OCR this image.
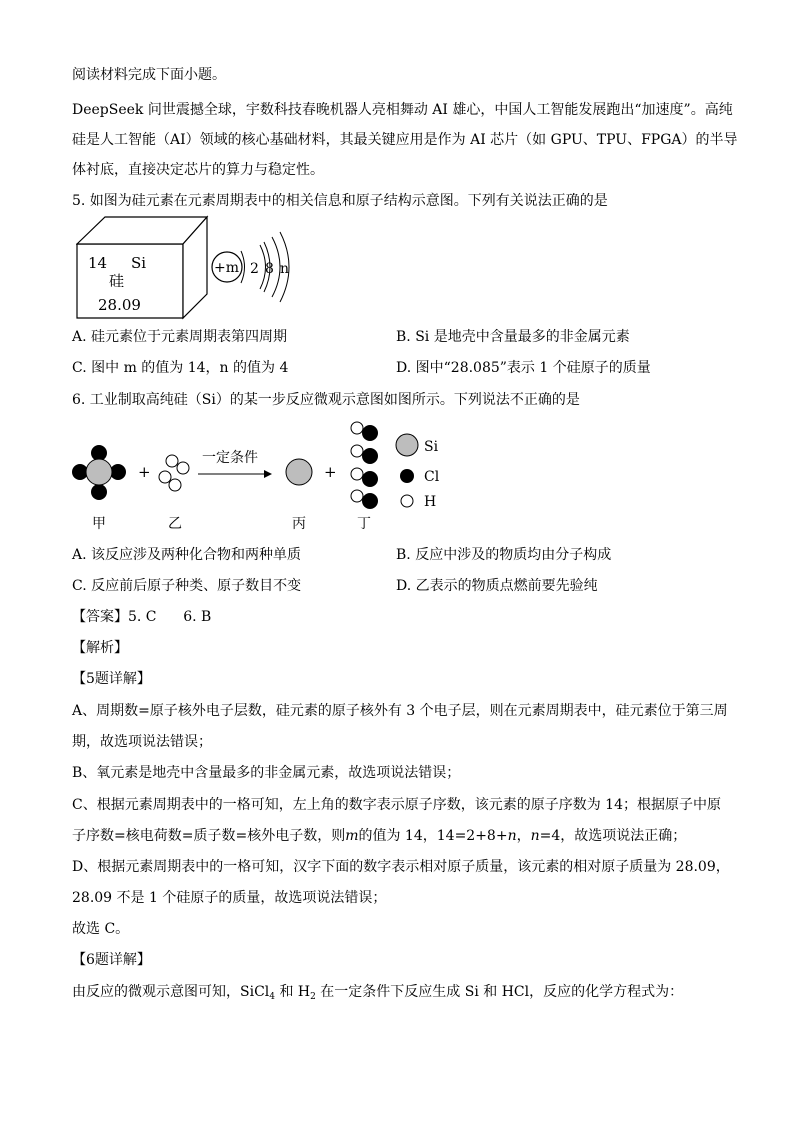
阅读材料完成下面小题。
DeepSeek 问世震撼全球，宇数科技春晚机器人亮相舞动 AI 雄心，中国人工智能发展跑出“加速度”。高纯
硅是人工智能（AI）领域的核心基础材料，其最关键应用是作为 AI 芯片（如 GPU、TPU、FPGA）的半导
体衬底，直接决定芯片的算力与稳定性。
5. 如图为硅元素在元素周期表中的相关信息和原子结构示意图。下列有关说法正确的是
14 Si
硅
28.09
+m 2 8 n
A. 硅元素位于元素周期表第四周期	B. Si 是地壳中含量最多的非金属元素
C. 图中 m 的值为 14，n 的值为 4	D. 图中“28.085”表示 1 个硅原子的质量
6. 工业制取高纯硅（Si）的某一步反应微观示意图如图所示。下列说法不正确的是
+
一定条件
+
Si
Cl
H
甲	乙	丙	丁
A. 该反应涉及两种化合物和两种单质	B. 反应中涉及的物质均由分子构成
C. 反应前后原子种类、原子数目不变	D. 乙表示的物质点燃前要先验纯
【答案】5. C      6. B
【解析】
【5题详解】
A、周期数=原子核外电子层数，硅元素的原子核外有 3 个电子层，则在元素周期表中，硅元素位于第三周
期，故选项说法错误；
B、氧元素是地壳中含量最多的非金属元素，故选项说法错误；
C、根据元素周期表中的一格可知，左上角的数字表示原子序数，该元素的原子序数为 14；根据原子中原
子序数=核电荷数=质子数=核外电子数，则m的值为 14，14=2+8+n，n=4，故选项说法正确；
D、根据元素周期表中的一格可知，汉字下面的数字表示相对原子质量，该元素的相对原子质量为 28.09，
28.09 不是 1 个硅原子的质量，故选项说法错误；
故选 C。
【6题详解】
由反应的微观示意图可知，SiCl$_4$ 和 $H_2$ 在一定条件下反应生成 Si 和 HCl，反应的化学方程式为：
